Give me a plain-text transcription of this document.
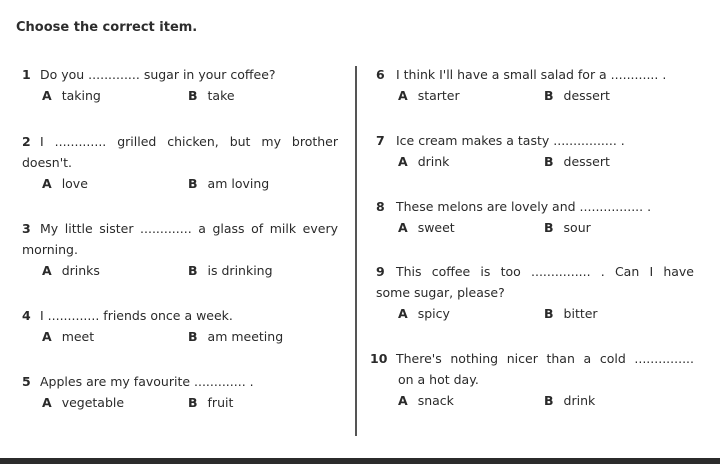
Choose the correct item.
1 Do you ............. sugar in your coffee?
A taking	B take
2 I ............. grilled chicken, but my brother
doesn't.
A love	B am loving
3 My little sister ............. a glass of milk every
morning.
A drinks	B is drinking
4 I ............. friends once a week.
A meet	B am meeting
5 Apples are my favourite ............. .
A vegetable	B fruit
6 I think I'll have a small salad for a ............ .
A starter	B dessert
7 Ice cream makes a tasty ................ .
A drink	B dessert
8 These melons are lovely and ................ .
A sweet	B sour
9 This coffee is too ............... . Can I have
some sugar, please?
A spicy	B bitter
10 There's nothing nicer than a cold ...............
on a hot day.
A snack	B drink
